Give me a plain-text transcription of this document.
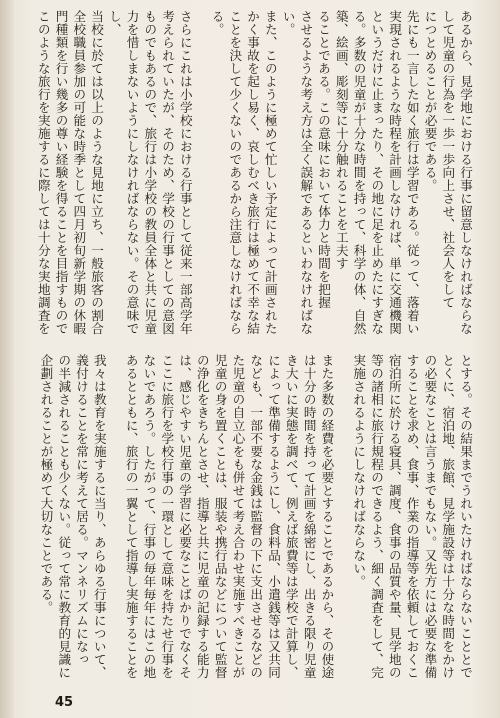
あるから、見学地における行事に留意しなければならな
して児童の行為を一歩一歩向上させ、社会人をして
につとめることが必要である。
先にも一言した如く旅行は学習である。従って、落着い
実現されるような時程を計画しなければ、単に交通機関
というだけに止まったり、その地に足を止めたにすぎな
る。多数の児童が十分な時間を持って、科学の体、自然
築、絵画、彫刻等に十分触れることを工夫す
ることである。この意味において体力と時間を把握
させるような考え方は全く誤解であるといわなければな
い。
また、このように極めて忙しい予定によって計画された
かく事故を起し易く、哀しむべき旅行は極めて不幸な結
ことを決して少くないのであるから注意しなければなら
る。
さらにこれは小学校における行事として従来一部高学年
考えられていたが、そのため、学校の行事としての意図
ものでもあるので、旅行は小学校の教員全体と共に児童
力を惜しまないようにしなければならない。その意味で
し、
当校に於ては以上のような見地に立ち、一般旅客の割合
全校職員参加の可能な時季として四月初旬新学期の休暇
門種類を行い幾多の尊い経験を得ることを目指すもので
このような旅行を実施するに際しては十分な実地調査を
とする。その結果までうれいたければならないこととで
とくに、宿泊地、旅館、見学施設等は十分な時間をかけ
の必要なことは言うまでもない。又先方には必要な準備
することを求め、食事、作業の指導等を依頼しておくこ
宿泊所に於ける寝具、調度、食事の品質や量、見学地の
等の諸相に旅行規程のできるよう、細く調査をして、完
実施されるようにしなければならない。
また多数の経費を必要とすることであるから、その使途
は十分の時間を持って計画を綿密にし、出きる限り児童
き大いに実態を調べて、例えば旅費等は学校で計算し、
によって準備するようにし、食料品、小遣銭等は又共同
なども、一部不要な金銭は監督の下に支出させるなどの
た児童の自立心をも併せて考え合わせ実施すべきことが
児童の身を置くことは、服装や携行品などについて監督
の浄化をきちんとさせ、指導と共に児童の記録する能力
は、感じやすい児童の学習に必要なことばかりでなくそ
ここに旅行を学校行事の一環として意味を持たせ行事を
ないであろう。したがって、行事の毎年毎年にはこの地
あるとともに、旅行の一翼として指導し実施することを
我々は教育を実施するに当り、あらゆる行事について、
義付けることを常に考えて居る。マンネリズムになっ
の半減されることも少くない。従って常に教育的見識に
企劃されることが極めて大切なことである。
45
